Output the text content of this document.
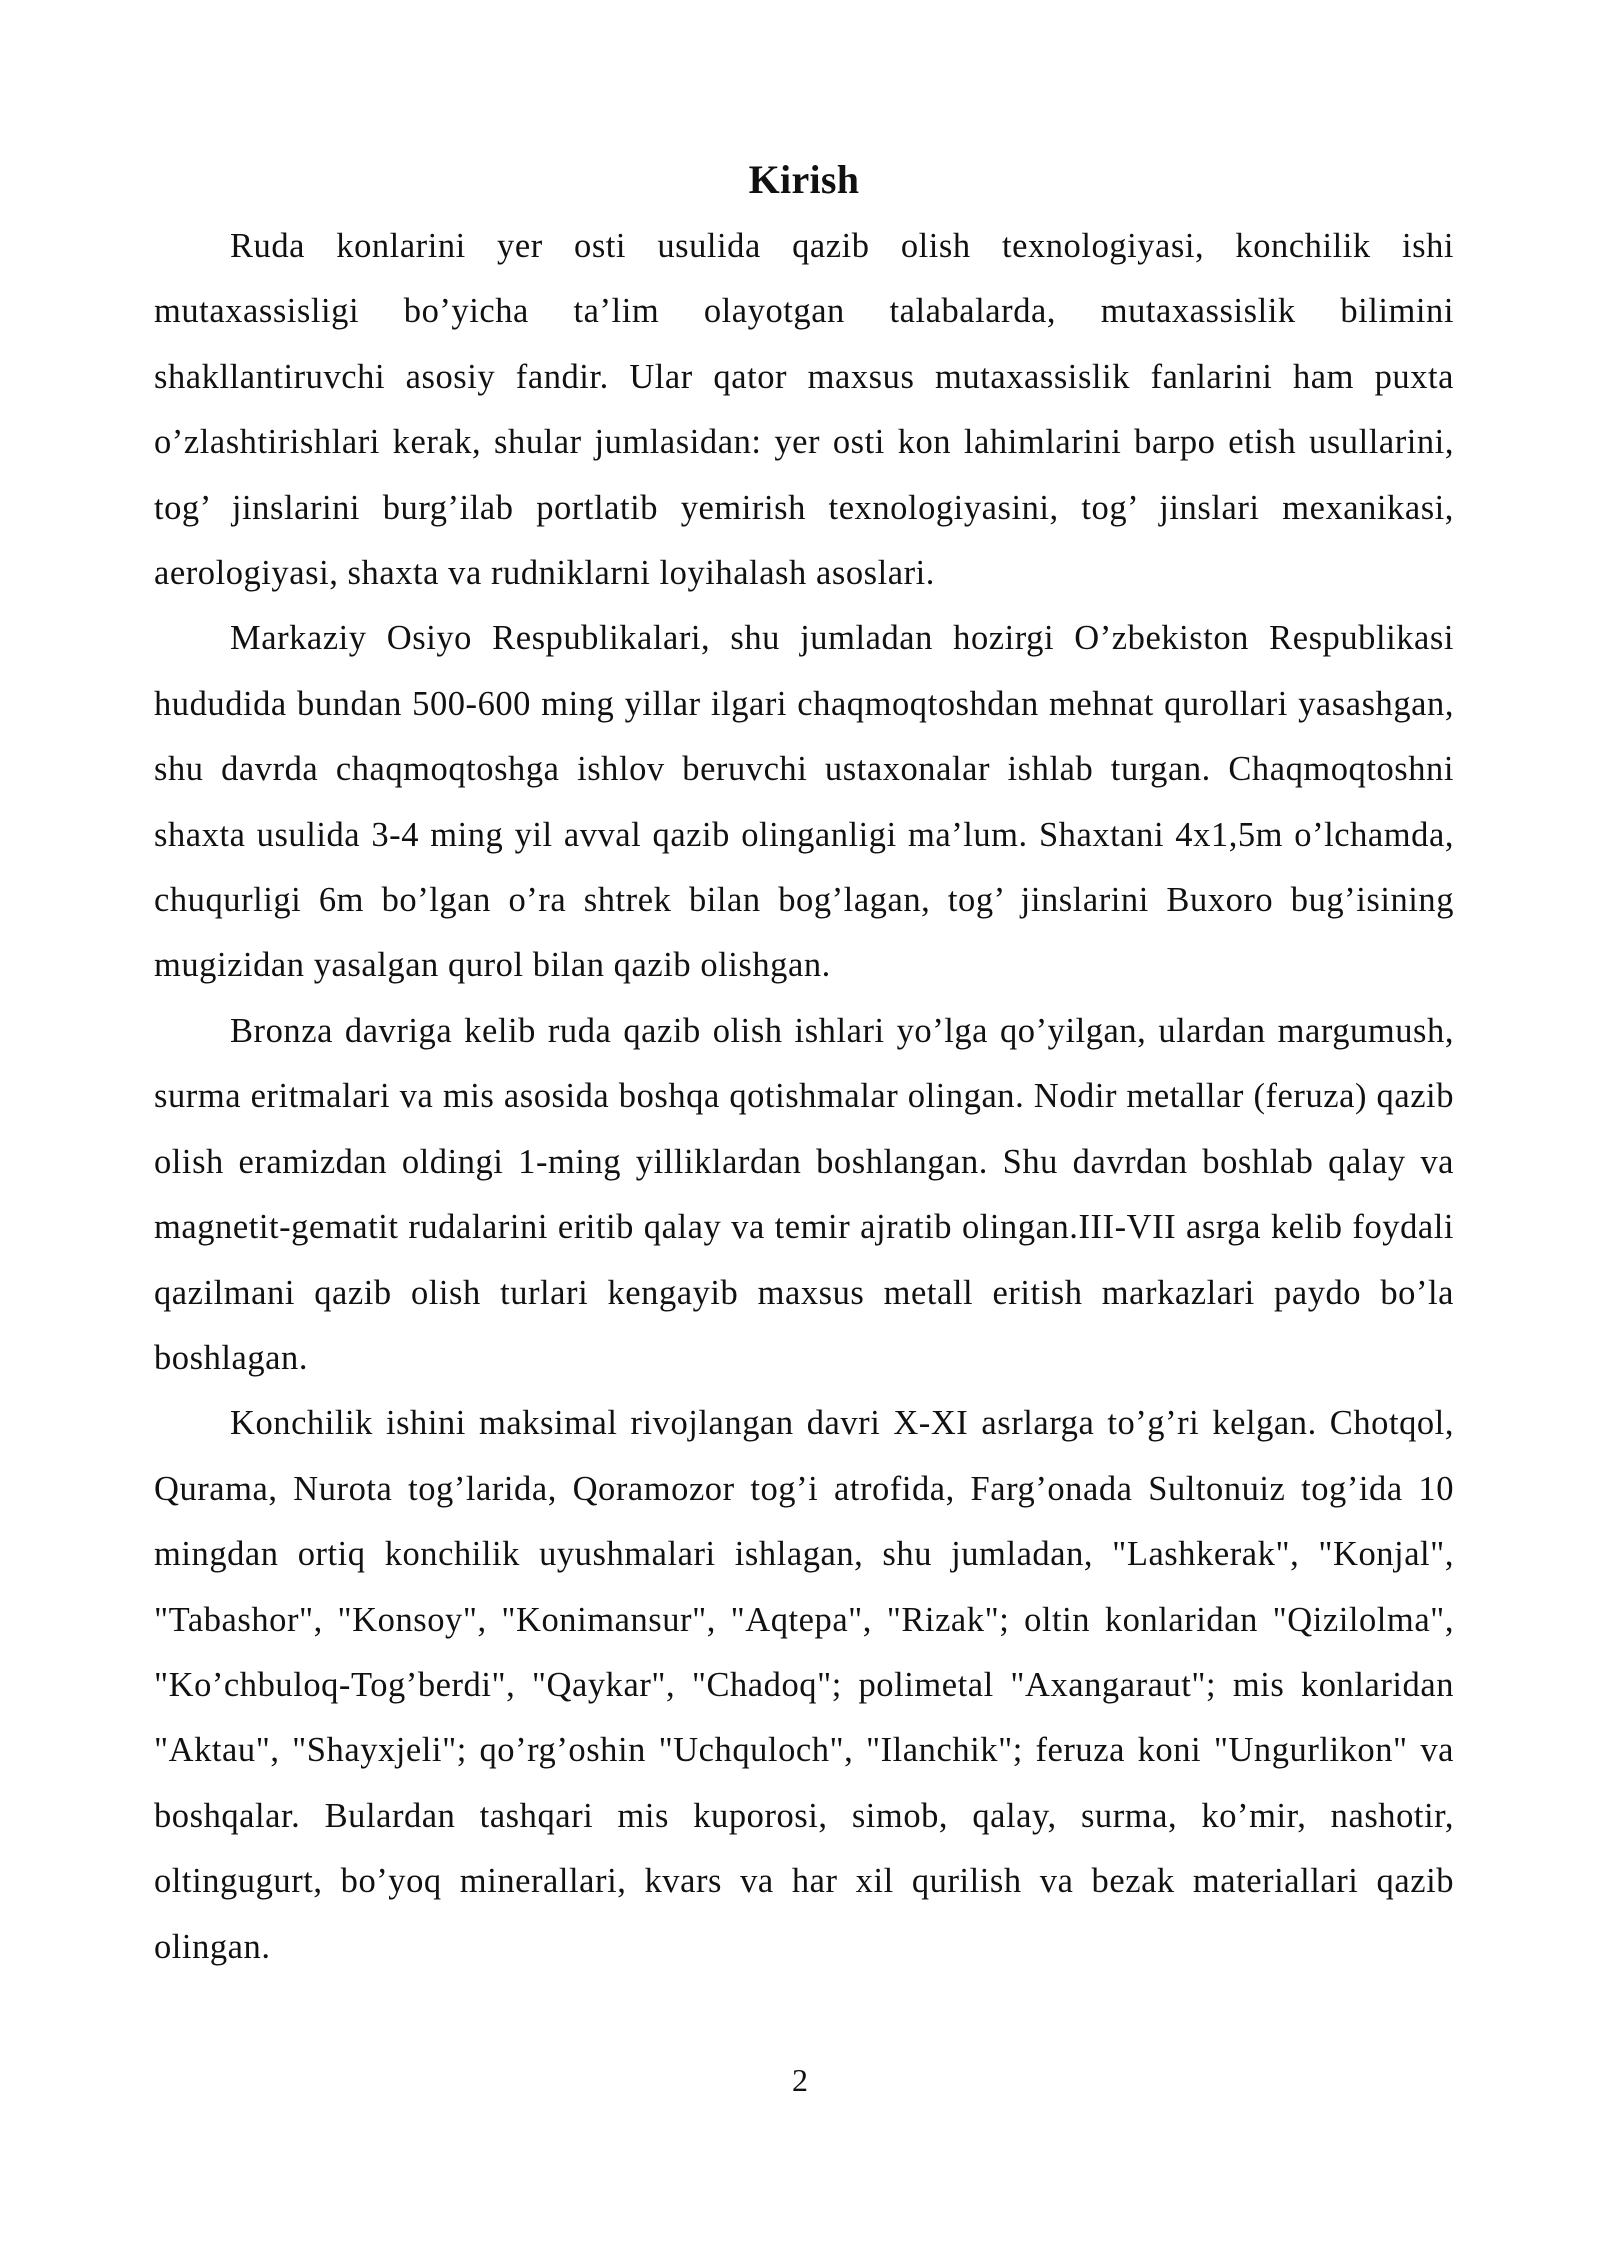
Kirish

Ruda konlarini yer osti usulida qazib olish texnologiyasi, konchilik ishi mutaxassisligi bo’yicha ta’lim olayotgan talabalarda, mutaxassislik bilimini shakllantiruvchi asosiy fandir. Ular qator maxsus mutaxassislik fanlarini ham puxta o’zlashtirishlari kerak, shular jumlasidan: yer osti kon lahimlarini barpo etish usullarini, tog’ jinslarini burg’ilab portlatib yemirish texnologiyasini, tog’ jinslari mexanikasi, aerologiyasi, shaxta va rudniklarni loyihalash asoslari.

Markaziy Osiyo Respublikalari, shu jumladan hozirgi O’zbekiston Respublikasi hududida bundan 500-600 ming yillar ilgari chaqmoqtoshdan mehnat qurollari yasashgan, shu davrda chaqmoqtoshga ishlov beruvchi ustaxonalar ishlab turgan. Chaqmoqtoshni shaxta usulida 3-4 ming yil avval qazib olinganligi ma’lum. Shaxtani 4x1,5m o’lchamda, chuqurligi 6m bo’lgan o’ra shtrek bilan bog’lagan, tog’ jinslarini Buxoro bug’isining mugizidan yasalgan qurol bilan qazib olishgan.

Bronza davriga kelib ruda qazib olish ishlari yo’lga qo’yilgan, ulardan margumush, surma eritmalari va mis asosida boshqa qotishmalar olingan. Nodir metallar (feruza) qazib olish eramizdan oldingi 1-ming yilliklardan boshlangan. Shu davrdan boshlab qalay va magnetit-gematit rudalarini eritib qalay va temir ajratib olingan.III-VII asrga kelib foydali qazilmani qazib olish turlari kengayib maxsus metall eritish markazlari paydo bo’la boshlagan.

Konchilik ishini maksimal rivojlangan davri X-XI asrlarga to’g’ri kelgan. Chotqol, Qurama, Nurota tog’larida, Qoramozor tog’i atrofida, Farg’onada Sultonuiz tog’ida 10 mingdan ortiq konchilik uyushmalari ishlagan, shu jumladan, "Lashkerak", "Konjal", "Tabashor", "Konsoy", "Konimansur", "Aqtepa", "Rizak"; oltin konlaridan "Qizilolma", "Ko’chbuloq-Tog’berdi", "Qaykar", "Chadoq"; polimetal "Axangaraut"; mis konlaridan "Aktau", "Shayxjeli"; qo’rg’oshin "Uchquloch", "Ilanchik"; feruza koni "Ungurlikon" va boshqalar. Bulardan tashqari mis kuporosi, simob, qalay, surma, ko’mir, nashotir, oltingugurt, bo’yoq minerallari, kvars va har xil qurilish va bezak materiallari qazib olingan.

2
